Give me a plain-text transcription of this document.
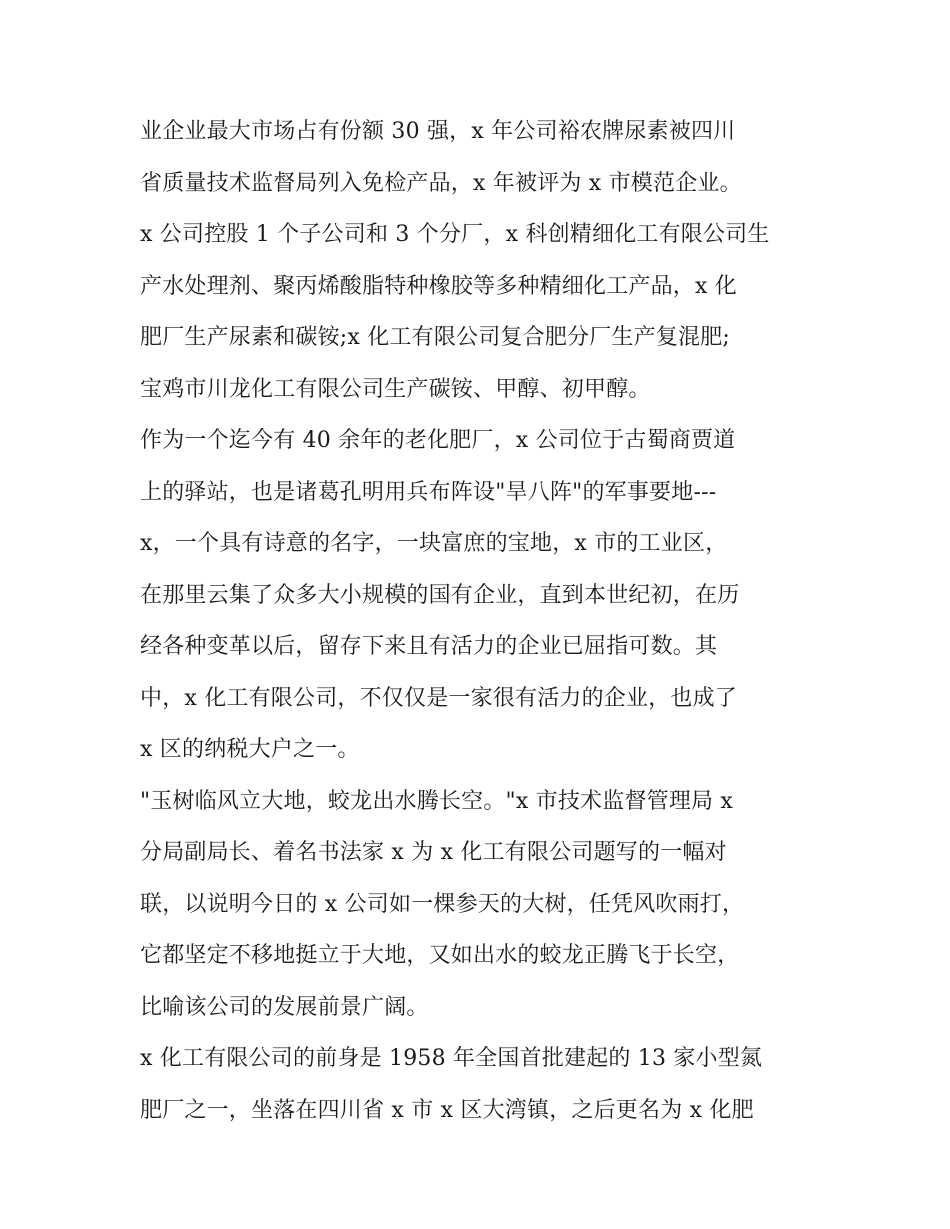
业企业最大市场占有份额 30 强，x 年公司裕农牌尿素被四川
省质量技术监督局列入免检产品，x 年被评为 x 市模范企业。
x 公司控股 1 个子公司和 3 个分厂，x 科创精细化工有限公司生
产水处理剂、聚丙烯酸脂特种橡胶等多种精细化工产品，x 化
肥厂生产尿素和碳铵;x 化工有限公司复合肥分厂生产复混肥;
宝鸡市川龙化工有限公司生产碳铵、甲醇、初甲醇。
作为一个迄今有 40 余年的老化肥厂，x 公司位于古蜀商贾道
上的驿站，也是诸葛孔明用兵布阵设"旱八阵"的军事要地---
x，一个具有诗意的名字，一块富庶的宝地，x 市的工业区，
在那里云集了众多大小规模的国有企业，直到本世纪初，在历
经各种变革以后，留存下来且有活力的企业已屈指可数。其
中，x 化工有限公司，不仅仅是一家很有活力的企业，也成了
x 区的纳税大户之一。
"玉树临风立大地，蛟龙出水腾长空。"x 市技术监督管理局 x
分局副局长、着名书法家 x 为 x 化工有限公司题写的一幅对
联，以说明今日的 x 公司如一棵参天的大树，任凭风吹雨打，
它都坚定不移地挺立于大地，又如出水的蛟龙正腾飞于长空，
比喻该公司的发展前景广阔。
x 化工有限公司的前身是 1958 年全国首批建起的 13 家小型氮
肥厂之一，坐落在四川省 x 市 x 区大湾镇，之后更名为 x 化肥
